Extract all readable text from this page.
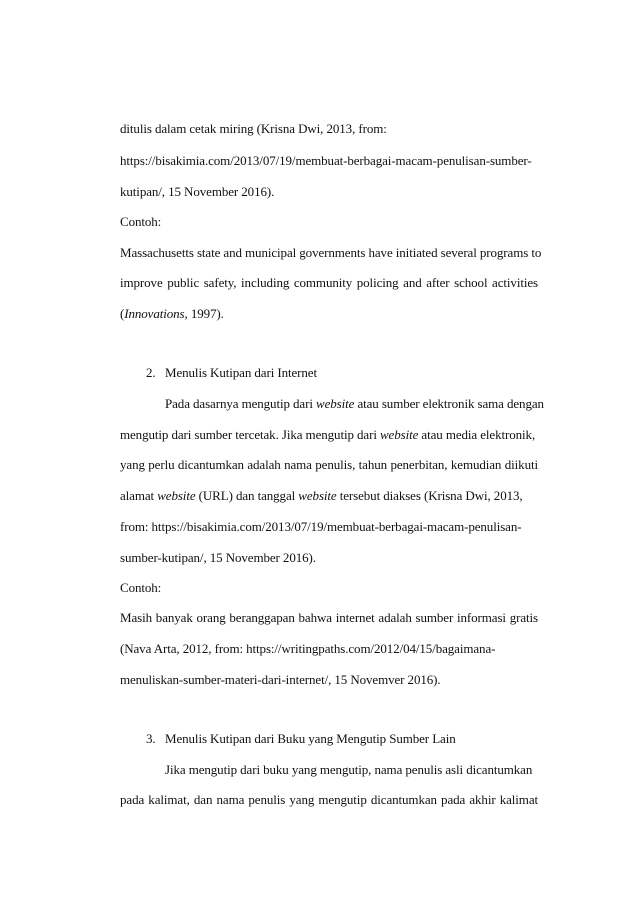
ditulis dalam cetak miring (Krisna Dwi, 2013, from:
https://bisakimia.com/2013/07/19/membuat-berbagai-macam-penulisan-sumber-
kutipan/, 15 November 2016).
Contoh:
Massachusetts state and municipal governments have initiated several programs to
improve public safety, including community policing and after school activities
(Innovations, 1997).
2. Menulis Kutipan dari Internet
Pada dasarnya mengutip dari website atau sumber elektronik sama dengan
mengutip dari sumber tercetak. Jika mengutip dari website atau media elektronik,
yang perlu dicantumkan adalah nama penulis, tahun penerbitan, kemudian diikuti
alamat website (URL) dan tanggal website tersebut diakses (Krisna Dwi, 2013,
from: https://bisakimia.com/2013/07/19/membuat-berbagai-macam-penulisan-
sumber-kutipan/, 15 November 2016).
Contoh:
Masih banyak orang beranggapan bahwa internet adalah sumber informasi gratis
(Nava Arta, 2012, from: https://writingpaths.com/2012/04/15/bagaimana-
menuliskan-sumber-materi-dari-internet/, 15 Novemver 2016).
3. Menulis Kutipan dari Buku yang Mengutip Sumber Lain
Jika mengutip dari buku yang mengutip, nama penulis asli dicantumkan
pada kalimat, dan nama penulis yang mengutip dicantumkan pada akhir kalimat
